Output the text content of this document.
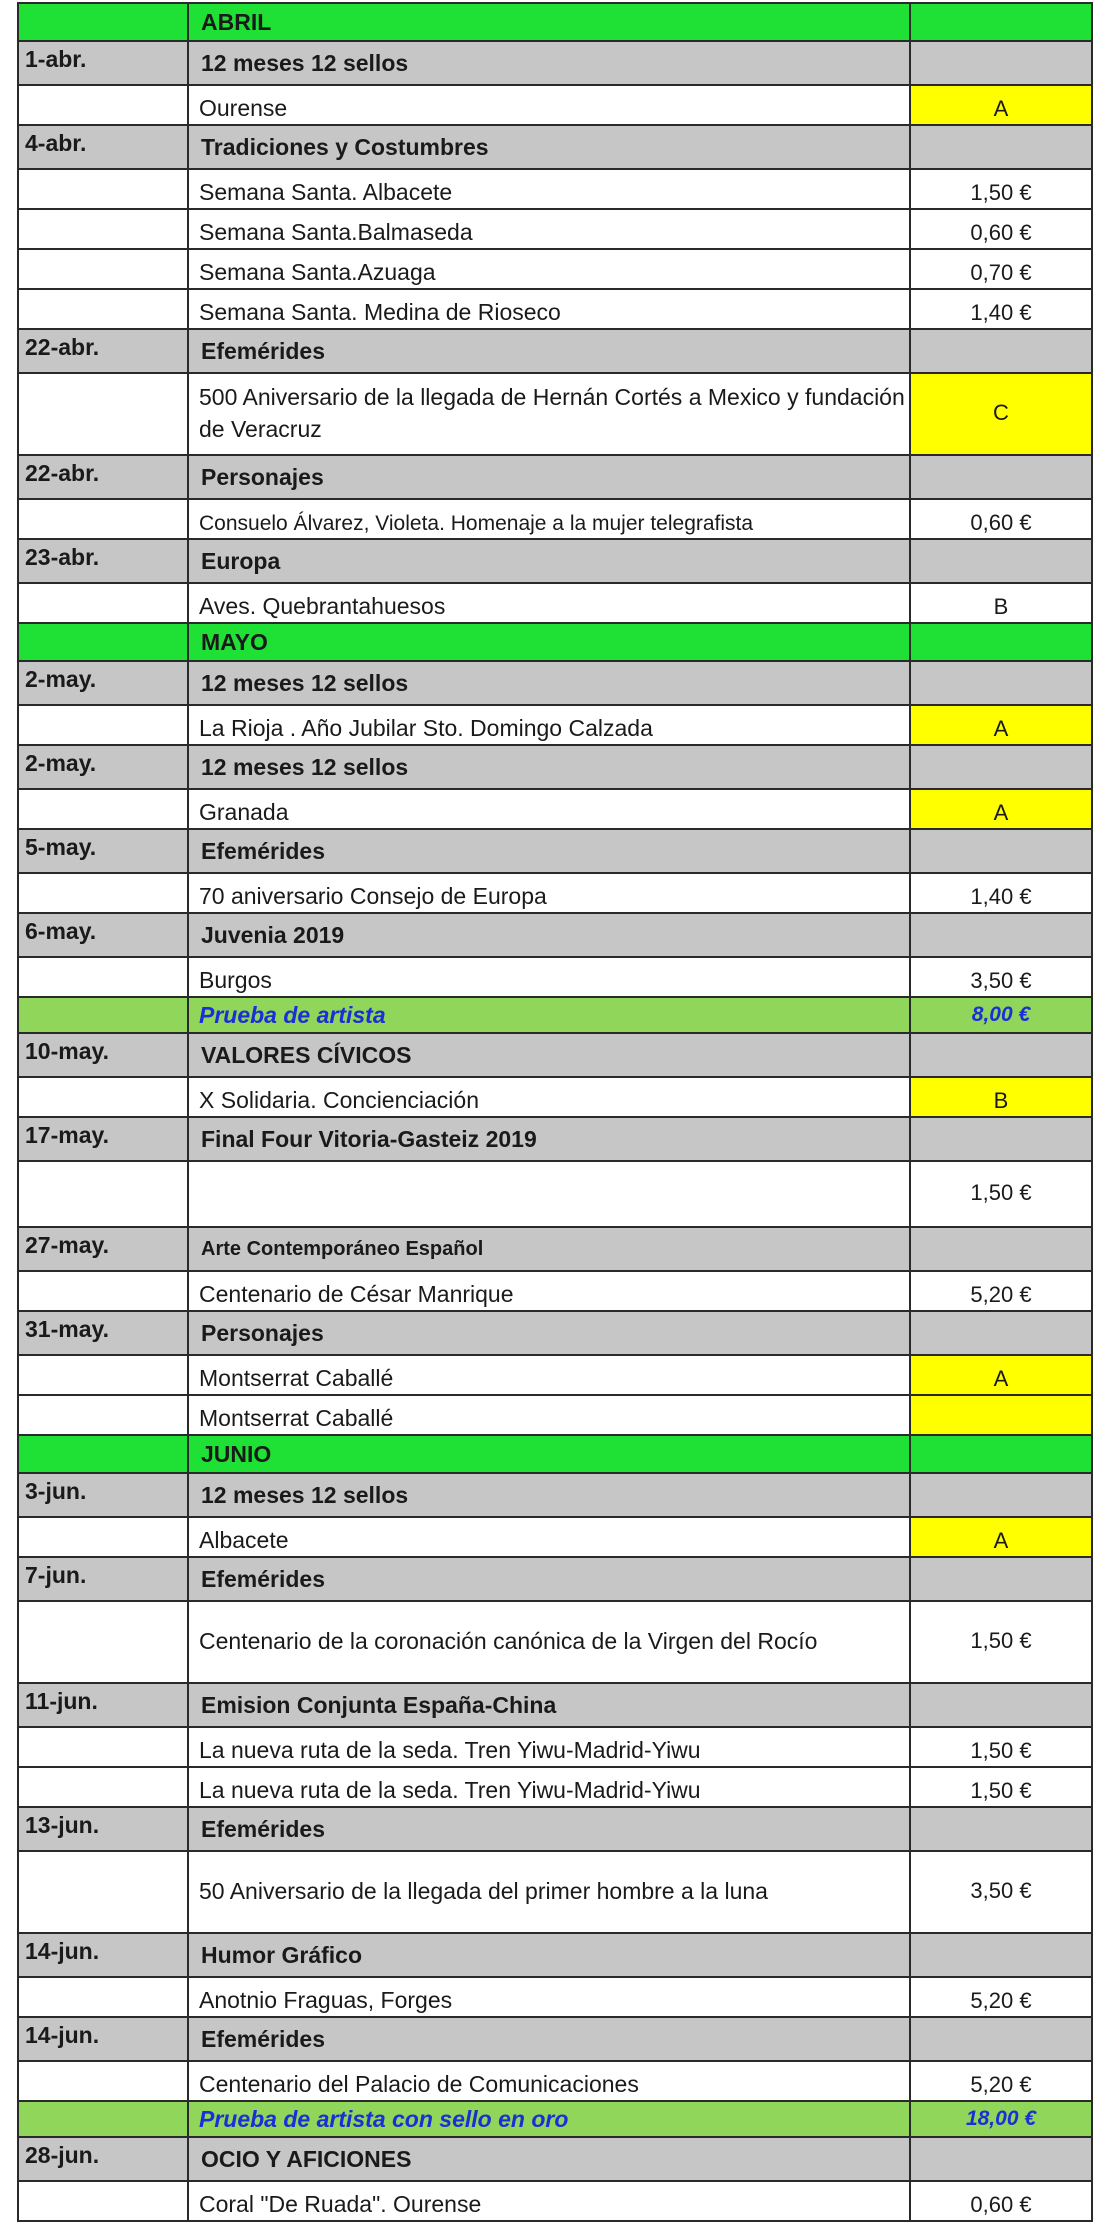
	ABRIL	
1-abr.	12 meses 12 sellos	
	Ourense	A
4-abr.	Tradiciones y Costumbres	
	Semana Santa. Albacete	1,50 €
	Semana Santa.Balmaseda	0,60 €
	Semana Santa.Azuaga	0,70 €
	Semana Santa. Medina de Rioseco	1,40 €
22-abr.	Efemérides	
	500 Aniversario de la llegada de Hernán Cortés a Mexico y fundación de Veracruz	C
22-abr.	Personajes	
	Consuelo Álvarez, Violeta. Homenaje a la mujer telegrafista	0,60 €
23-abr.	Europa	
	Aves. Quebrantahuesos	B
	MAYO	
2-may.	12 meses 12 sellos	
	La Rioja . Año Jubilar Sto. Domingo Calzada	A
2-may.	12 meses 12 sellos	
	Granada	A
5-may.	Efemérides	
	70 aniversario Consejo de Europa	1,40 €
6-may.	Juvenia 2019	
	Burgos	3,50 €
	Prueba de artista	8,00 €
10-may.	VALORES CÍVICOS	
	X Solidaria. Concienciación	B
17-may.	Final Four Vitoria-Gasteiz 2019	
		1,50 €
27-may.	Arte Contemporáneo Español	
	Centenario de César Manrique	5,20 €
31-may.	Personajes	
	Montserrat Caballé	A
	Montserrat Caballé	
	JUNIO	
3-jun.	12 meses 12 sellos	
	Albacete	A
7-jun.	Efemérides	
	Centenario de la coronación canónica de la Virgen del Rocío	1,50 €
11-jun.	Emision Conjunta España-China	
	La nueva ruta de la seda. Tren Yiwu-Madrid-Yiwu	1,50 €
	La nueva ruta de la seda. Tren Yiwu-Madrid-Yiwu	1,50 €
13-jun.	Efemérides	
	50 Aniversario de la llegada del primer hombre a la luna	3,50 €
14-jun.	Humor Gráfico	
	Anotnio Fraguas, Forges	5,20 €
14-jun.	Efemérides	
	Centenario del Palacio de Comunicaciones	5,20 €
	Prueba de artista con sello en oro	18,00 €
28-jun.	OCIO Y AFICIONES	
	Coral "De Ruada". Ourense	0,60 €
